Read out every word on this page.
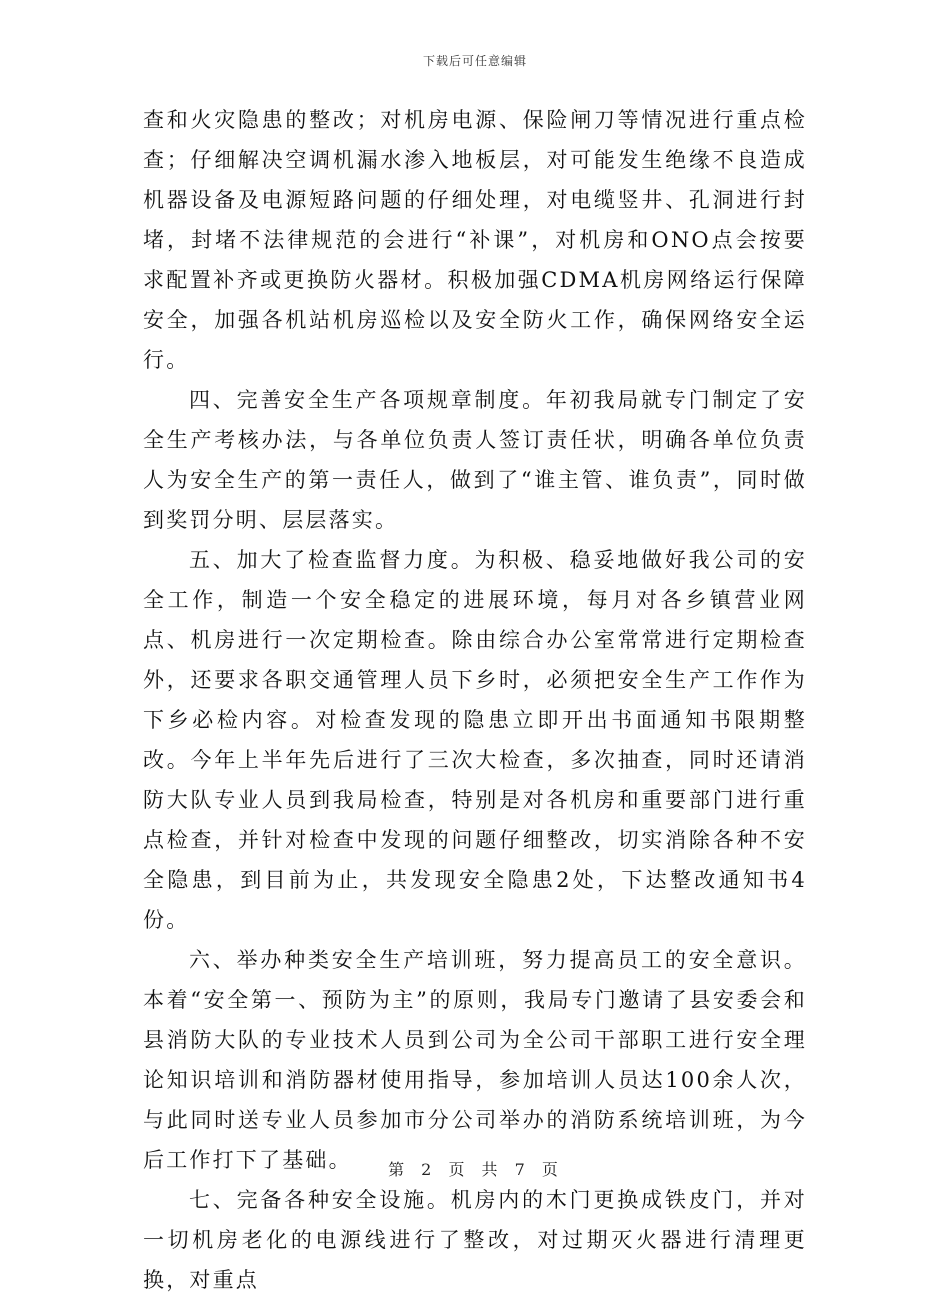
下载后可任意编辑

查和火灾隐患的整改；对机房电源、保险闸刀等情况进行重点检查；仔细解决空调机漏水渗入地板层，对可能发生绝缘不良造成机器设备及电源短路问题的仔细处理，对电缆竖井、孔洞进行封堵，封堵不法律规范的会进行“补课”，对机房和ONO点会按要求配置补齐或更换防火器材。积极加强CDMA机房网络运行保障安全，加强各机站机房巡检以及安全防火工作，确保网络安全运行。

四、完善安全生产各项规章制度。年初我局就专门制定了安全生产考核办法，与各单位负责人签订责任状，明确各单位负责人为安全生产的第一责任人，做到了“谁主管、谁负责”，同时做到奖罚分明、层层落实。

五、加大了检查监督力度。为积极、稳妥地做好我公司的安全工作，制造一个安全稳定的进展环境，每月对各乡镇营业网点、机房进行一次定期检查。除由综合办公室常常进行定期检查外，还要求各职交通管理人员下乡时，必须把安全生产工作作为下乡必检内容。对检查发现的隐患立即开出书面通知书限期整改。今年上半年先后进行了三次大检查，多次抽查，同时还请消防大队专业人员到我局检查，特别是对各机房和重要部门进行重点检查，并针对检查中发现的问题仔细整改，切实消除各种不安全隐患，到目前为止，共发现安全隐患2处，下达整改通知书4份。

六、举办种类安全生产培训班，努力提高员工的安全意识。本着“安全第一、预防为主”的原则，我局专门邀请了县安委会和县消防大队的专业技术人员到公司为全公司干部职工进行安全理论知识培训和消防器材使用指导，参加培训人员达100余人次，与此同时送专业人员参加市分公司举办的消防系统培训班，为今后工作打下了基础。

七、完备各种安全设施。机房内的木门更换成铁皮门，并对一切机房老化的电源线进行了整改，对过期灭火器进行清理更换，对重点

第 2 页 共 7 页
